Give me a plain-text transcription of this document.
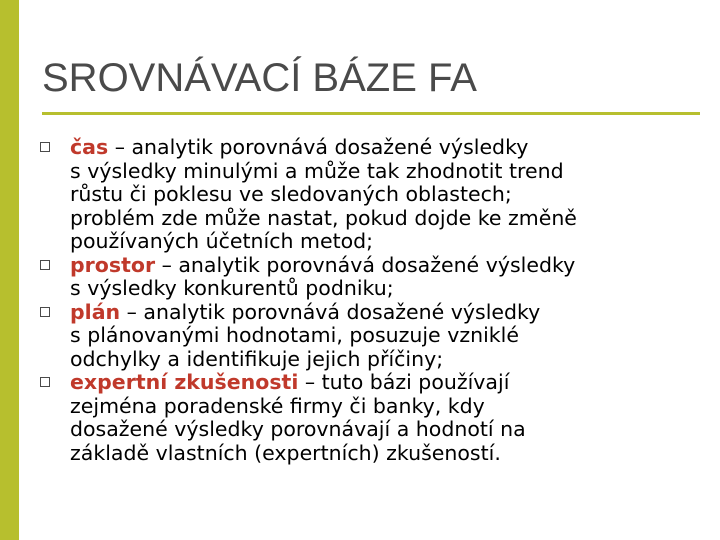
SROVNÁVACÍ BÁZE FA
čas – analytik porovnává dosažené výsledky
s výsledky minulými a může tak zhodnotit trend
růstu či poklesu ve sledovaných oblastech;
problém zde může nastat, pokud dojde ke změně
používaných účetních metod;
prostor – analytik porovnává dosažené výsledky
s výsledky konkurentů podniku;
plán – analytik porovnává dosažené výsledky
s plánovanými hodnotami, posuzuje vzniklé
odchylky a identifikuje jejich příčiny;
expertní zkušenosti – tuto bázi používají
zejména poradenské firmy či banky, kdy
dosažené výsledky porovnávají a hodnotí na
základě vlastních (expertních) zkušeností.
